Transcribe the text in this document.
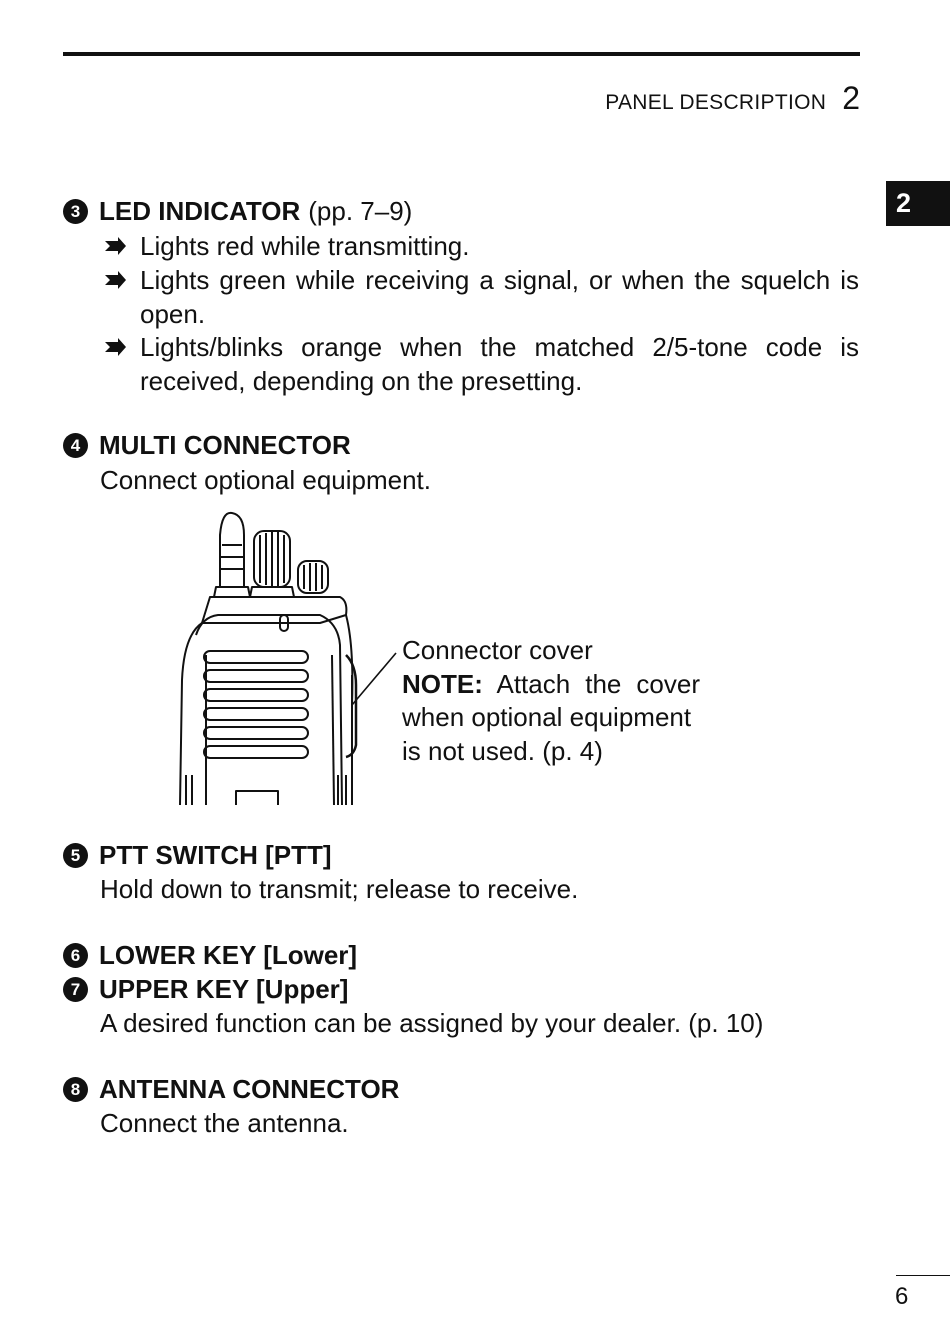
PANEL DESCRIPTION 2
2
3 LED INDICATOR (pp. 7–9)
Lights red while transmitting.
Lights green while receiving a signal, or when the squelch is open.
Lights/blinks orange when the matched 2/5-tone code is received, depending on the presetting.
4 MULTI CONNECTOR
Connect optional equipment.
Connector cover
NOTE: Attach the cover
when optional equipment
is not used. (p. 4)
5 PTT SWITCH [PTT]
Hold down to transmit; release to receive.
6 LOWER KEY [Lower]
7 UPPER KEY [Upper]
A desired function can be assigned by your dealer. (p. 10)
8 ANTENNA CONNECTOR
Connect the antenna.
6
